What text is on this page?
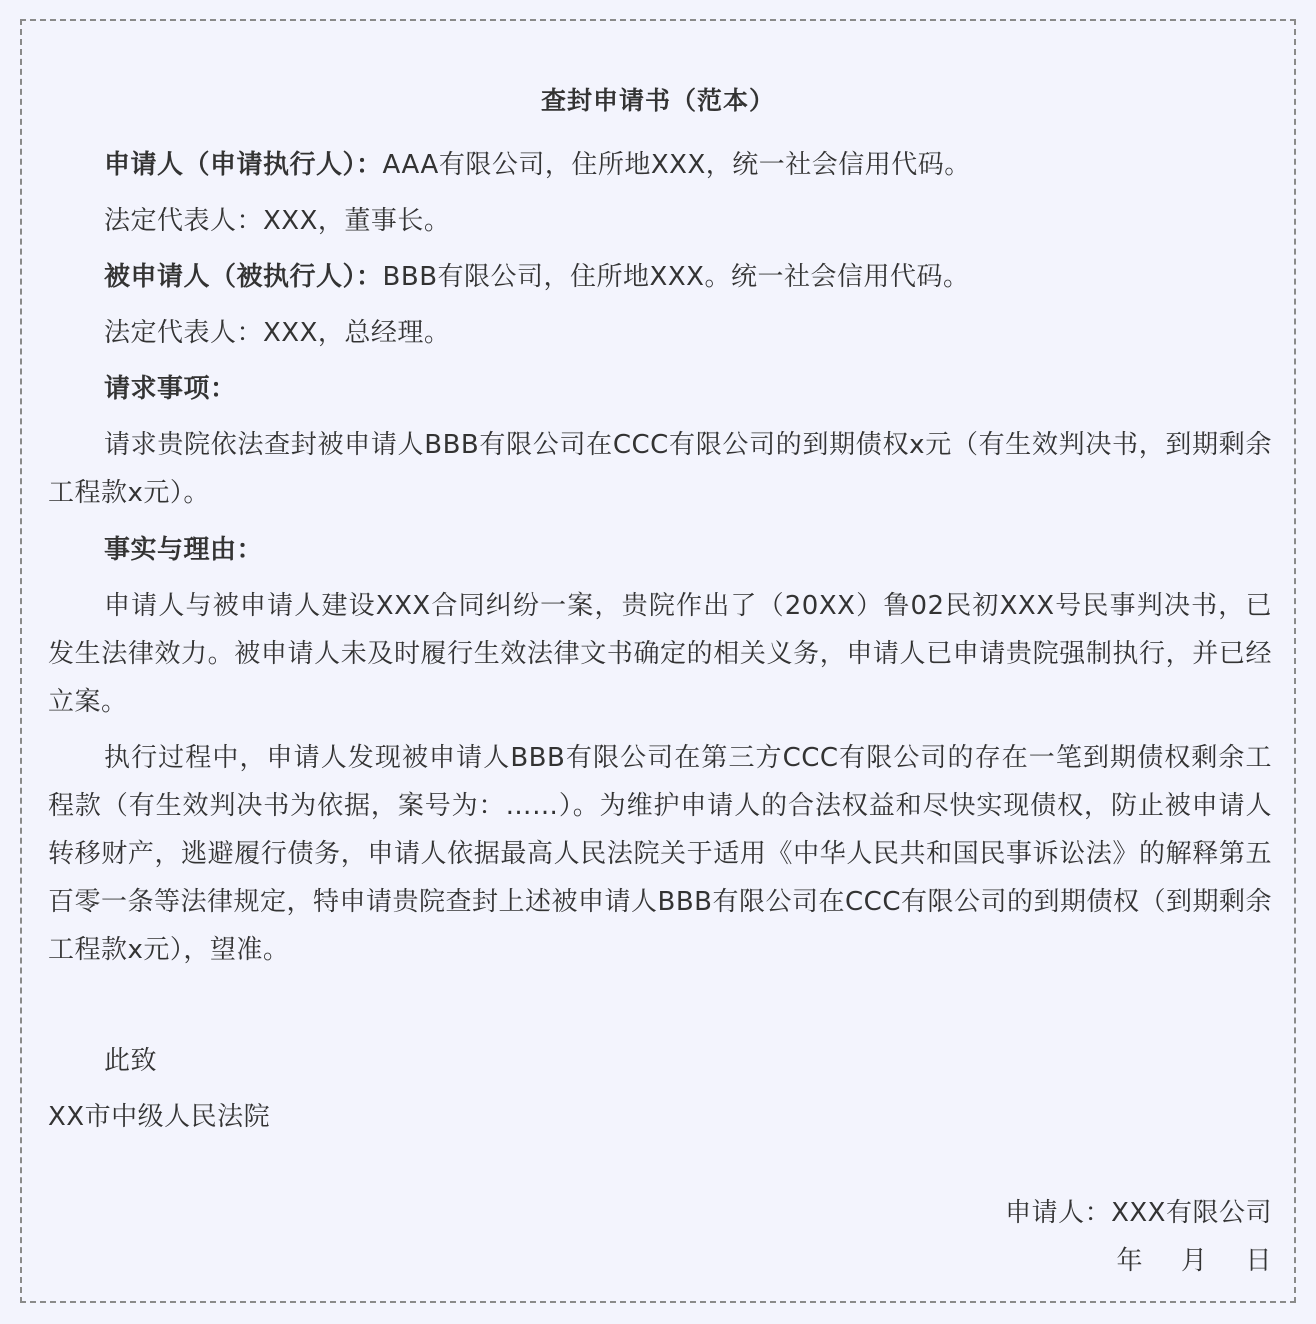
查封申请书（范本）

申请人（申请执行人）：AAA有限公司，住所地XXX，统一社会信用代码。

法定代表人：XXX，董事长。

被申请人（被执行人）：BBB有限公司，住所地XXX。统一社会信用代码。

法定代表人：XXX，总经理。

请求事项：

请求贵院依法查封被申请人BBB有限公司在CCC有限公司的到期债权x元（有生效判决书，到期剩余工程款x元）。

事实与理由：

申请人与被申请人建设XXX合同纠纷一案，贵院作出了（20XX）鲁02民初XXX号民事判决书，已发生法律效力。被申请人未及时履行生效法律文书确定的相关义务，申请人已申请贵院强制执行，并已经立案。

执行过程中，申请人发现被申请人BBB有限公司在第三方CCC有限公司的存在一笔到期债权剩余工程款（有生效判决书为依据，案号为：……）。为维护申请人的合法权益和尽快实现债权，防止被申请人转移财产，逃避履行债务，申请人依据最高人民法院关于适用《中华人民共和国民事诉讼法》的解释第五百零一条等法律规定，特申请贵院查封上述被申请人BBB有限公司在CCC有限公司的到期债权（到期剩余工程款x元），望准。

此致

XX市中级人民法院

申请人：XXX有限公司

年 月 日
